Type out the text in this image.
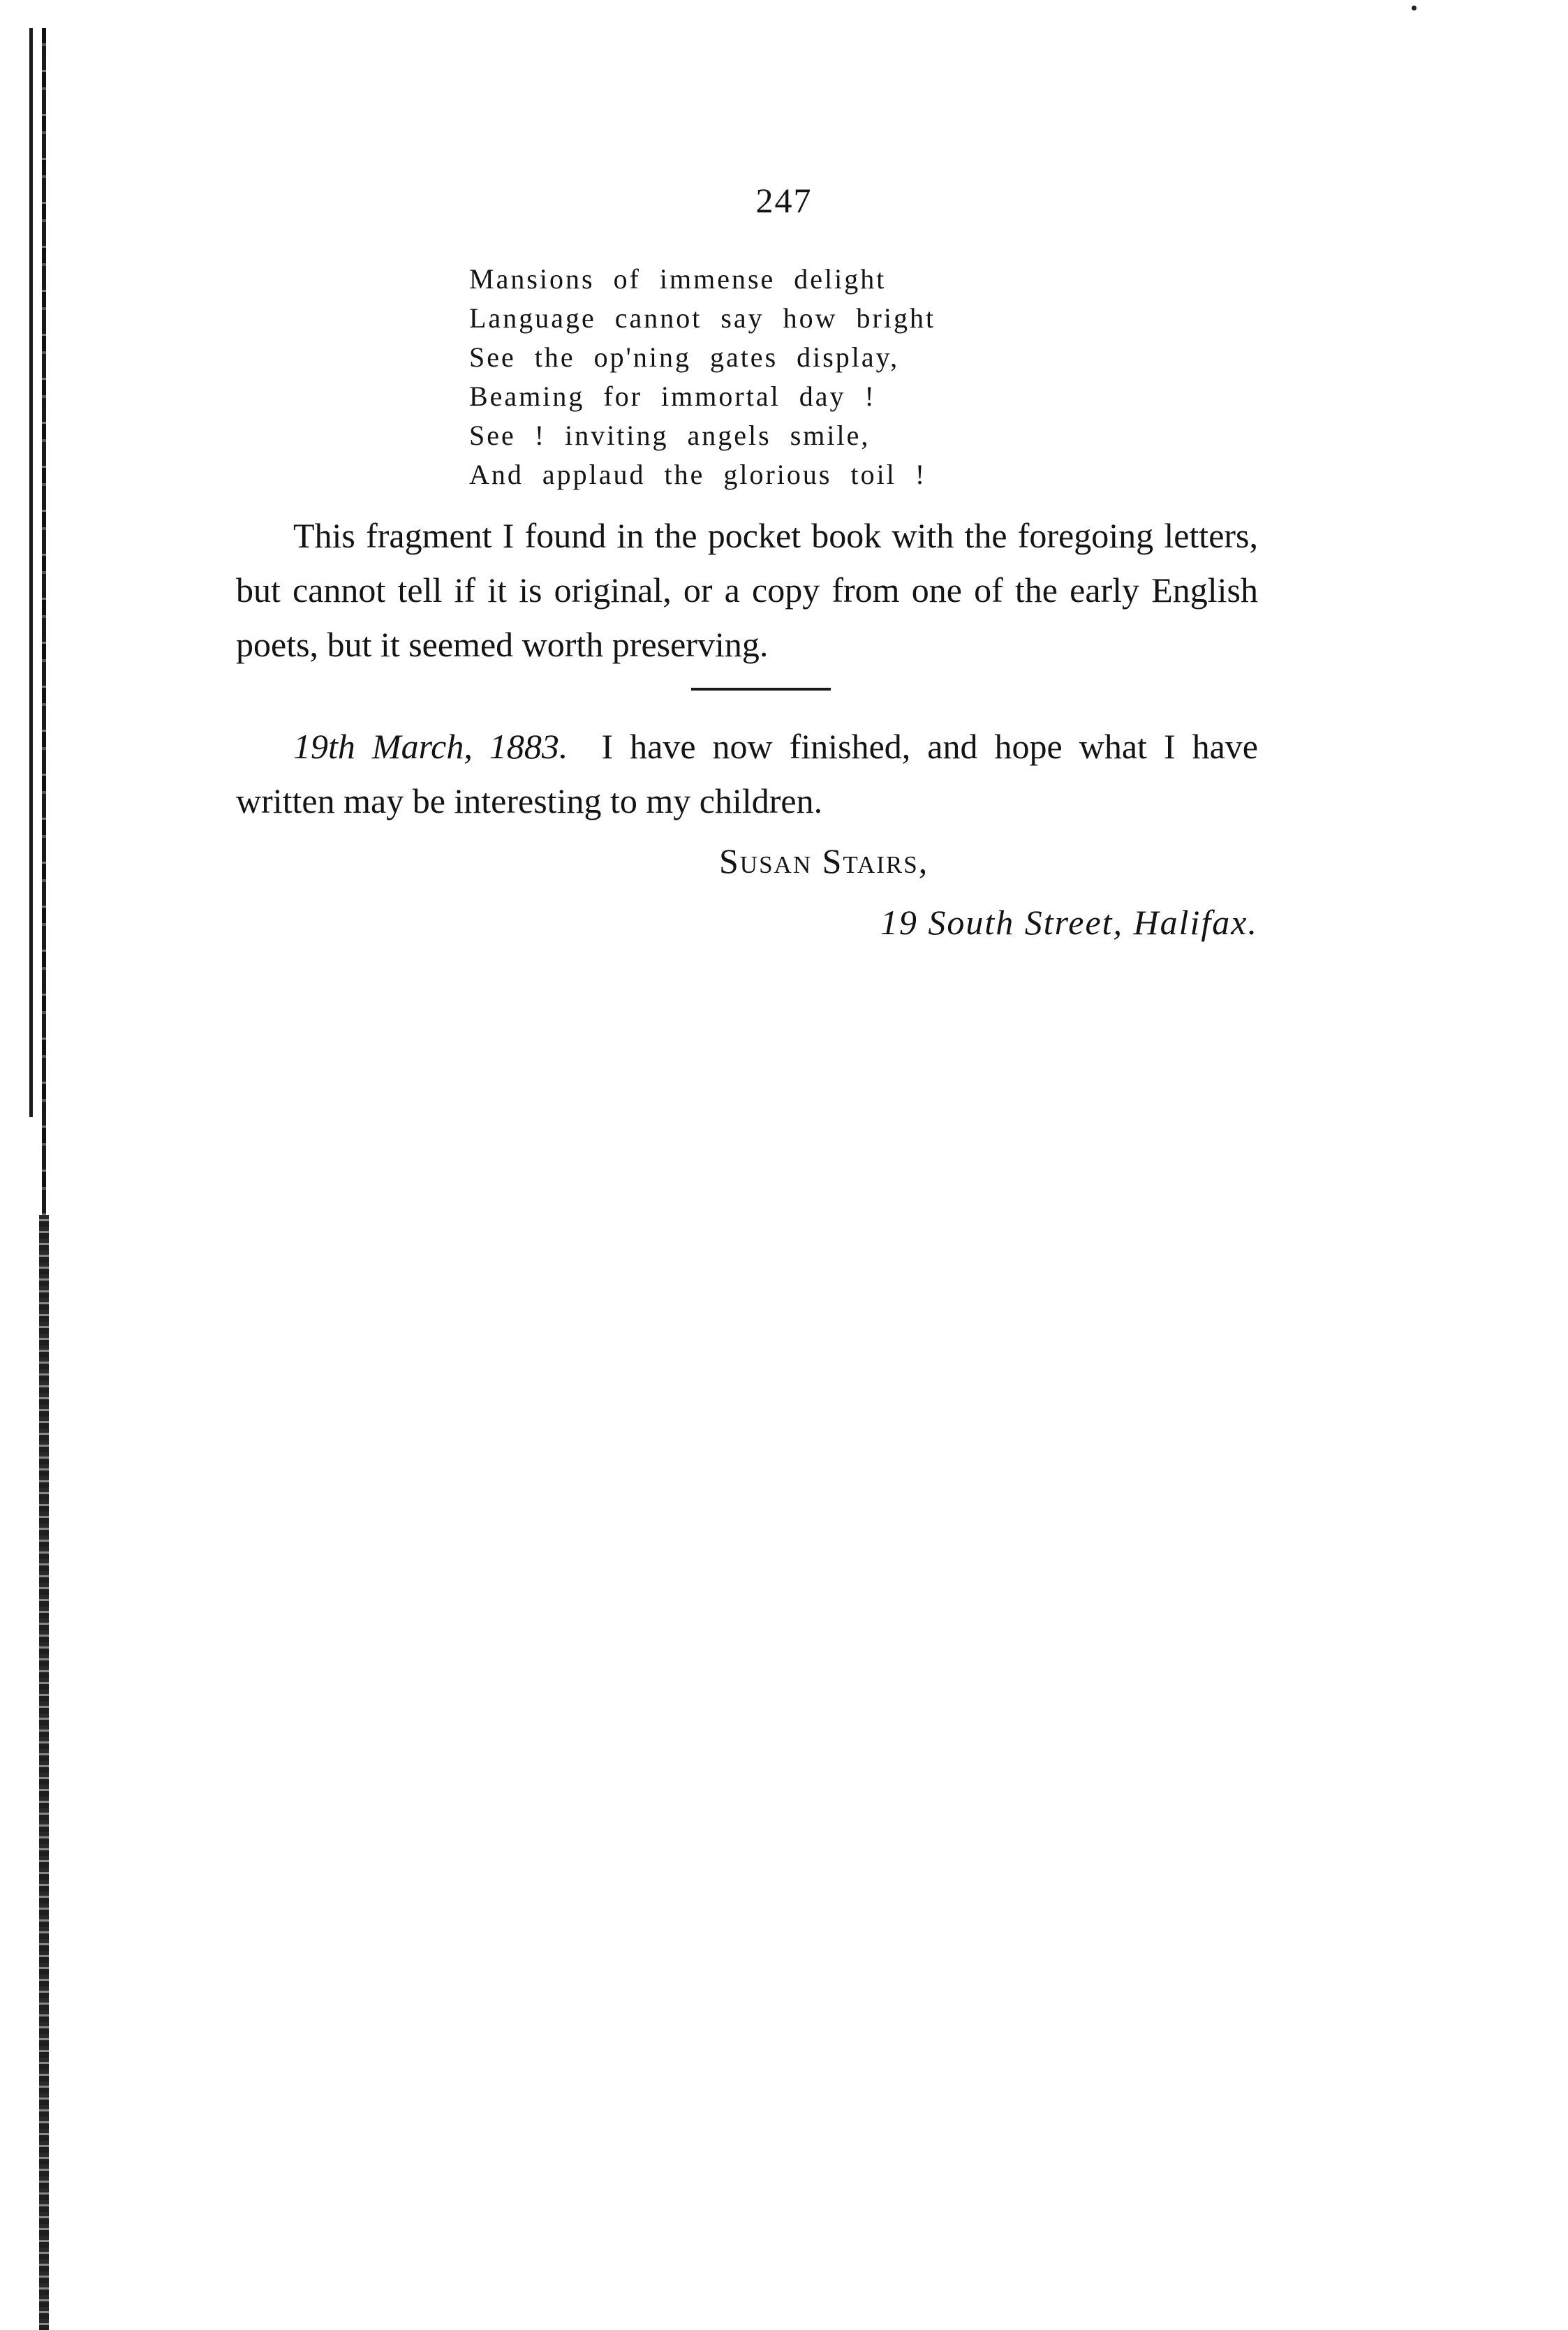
247
Mansions of immense delight
Language cannot say how bright
See the op'ning gates display,
Beaming for immortal day !
See ! inviting angels smile,
And applaud the glorious toil !

This fragment I found in the pocket book with the foregoing letters, but cannot tell if it is original, or a copy from one of the early English poets, but it seemed worth preserving.

19th March, 1883. I have now finished, and hope what I have written may be interesting to my children.

Susan Stairs,
19 South Street, Halifax.
